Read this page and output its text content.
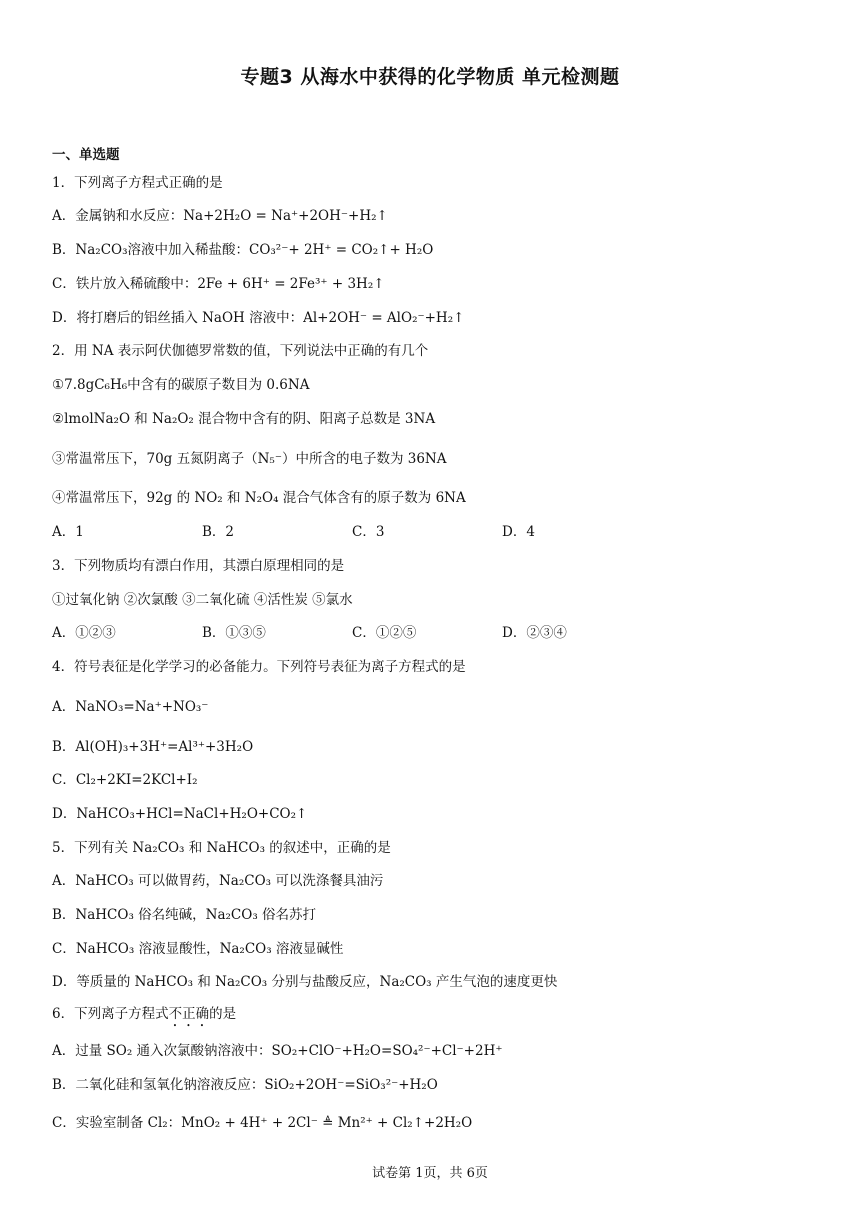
专题3 从海水中获得的化学物质 单元检测题
一、单选题
1．下列离子方程式正确的是
A．金属钠和水反应：Na+2H₂O = Na⁺+2OH⁻+H₂↑
B．Na₂CO₃溶液中加入稀盐酸：CO₃²⁻+ 2H⁺ = CO₂↑+ H₂O
C．铁片放入稀硫酸中：2Fe + 6H⁺ = 2Fe³⁺ + 3H₂↑
D．将打磨后的铝丝插入 NaOH 溶液中：Al+2OH⁻ = AlO₂⁻+H₂↑
2．用 NA 表示阿伏伽德罗常数的值，下列说法中正确的有几个
①7.8gC₆H₆中含有的碳原子数目为 0.6NA
②lmolNa₂O 和 Na₂O₂ 混合物中含有的阴、阳离子总数是 3NA
③常温常压下，70g 五氮阴离子（N₅⁻）中所含的电子数为 36NA
④常温常压下，92g 的 NO₂ 和 N₂O₄ 混合气体含有的原子数为 6NA
A．1	B．2	C．3	D．4
3．下列物质均有漂白作用，其漂白原理相同的是
①过氧化钠 ②次氯酸 ③二氧化硫 ④活性炭 ⑤氯水
A．①②③	B．①③⑤	C．①②⑤	D．②③④
4．符号表征是化学学习的必备能力。下列符号表征为离子方程式的是
A．NaNO₃=Na⁺+NO₃⁻
B．Al(OH)₃+3H⁺=Al³⁺+3H₂O
C．Cl₂+2KI=2KCl+I₂
D．NaHCO₃+HCl=NaCl+H₂O+CO₂↑
5．下列有关 Na₂CO₃ 和 NaHCO₃ 的叙述中，正确的是
A．NaHCO₃ 可以做胃药，Na₂CO₃ 可以洗涤餐具油污
B．NaHCO₃ 俗名纯碱，Na₂CO₃ 俗名苏打
C．NaHCO₃ 溶液显酸性，Na₂CO₃ 溶液显碱性
D．等质量的 NaHCO₃ 和 Na₂CO₃ 分别与盐酸反应，Na₂CO₃ 产生气泡的速度更快
6．下列离子方程式不正确的是
A．过量 SO₂ 通入次氯酸钠溶液中：SO₂+ClO⁻+H₂O=SO₄²⁻+Cl⁻+2H⁺
B．二氧化硅和氢氧化钠溶液反应：SiO₂+2OH⁻=SiO₃²⁻+H₂O
C．实验室制备 Cl₂：MnO₂ + 4H⁺ + 2Cl⁻ ≜ Mn²⁺ + Cl₂↑+2H₂O
试卷第 1页，共 6页
